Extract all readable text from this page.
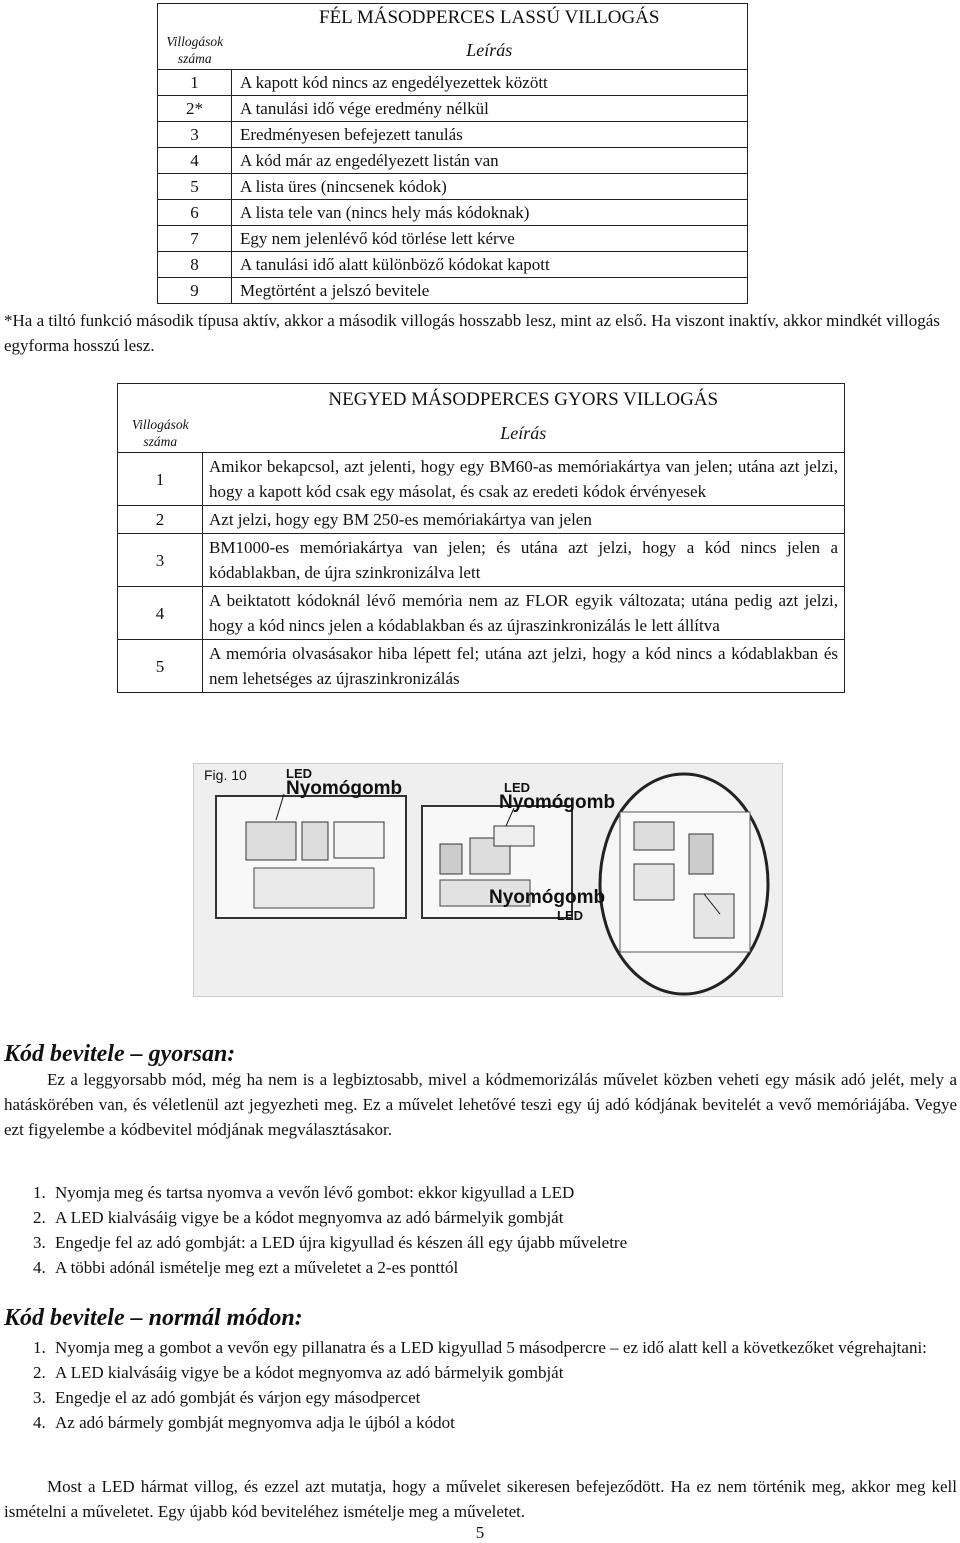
	FÉL MÁSODPERCES LASSÚ VILLOGÁS
Villogások száma	Leírás
1	A kapott kód nincs az engedélyezettek között
2*	A tanulási idő vége eredmény nélkül
3	Eredményesen befejezett tanulás
4	A kód már az engedélyezett listán van
5	A lista üres (nincsenek kódok)
6	A lista tele van (nincs hely más kódoknak)
7	Egy nem jelenlévő kód törlése lett kérve
8	A tanulási idő alatt különböző kódokat kapott
9	Megtörtént a jelszó bevitele
*Ha a tiltó funkció második típusa aktív, akkor a második villogás hosszabb lesz, mint az első. Ha viszont inaktív, akkor mindkét villogás egyforma hosszú lesz.
	NEGYED MÁSODPERCES GYORS VILLOGÁS
Villogások száma	Leírás
1	Amikor bekapcsol, azt jelenti, hogy egy BM60-as memóriakártya van jelen; utána azt jelzi, hogy a kapott kód csak egy másolat, és csak az eredeti kódok érvényesek
2	Azt jelzi, hogy egy BM 250-es memóriakártya van jelen
3	BM1000-es memóriakártya van jelen; és utána azt jelzi, hogy a kód nincs jelen a kódablakban, de újra szinkronizálva lett
4	A beiktatott kódoknál lévő memória nem az FLOR egyik változata; utána pedig azt jelzi, hogy a kód nincs jelen a kódablakban és az újraszinkronizálás le lett állítva
5	A memória olvasásakor hiba lépett fel; utána azt jelzi, hogy a kód nincs a kódablakban és nem lehetséges az újraszinkronizálás
Fig. 10	LED
Nyomógomb	LED
Nyomógomb
Nyomógomb
LED
Kód bevitele – gyorsan:
Ez a leggyorsabb mód, még ha nem is a legbiztosabb, mivel a kódmemorizálás művelet közben veheti egy másik adó jelét, mely a hatáskörében van, és véletlenül azt jegyezheti meg. Ez a művelet lehetővé teszi egy új adó kódjának bevitelét a vevő memóriájába. Vegye ezt figyelembe a kódbevitel módjának megválasztásakor.
1. Nyomja meg és tartsa nyomva a vevőn lévő gombot: ekkor kigyullad a LED
2. A LED kialvásáig vigye be a kódot megnyomva az adó bármelyik gombját
3. Engedje fel az adó gombját: a LED újra kigyullad és készen áll egy újabb műveletre
4. A többi adónál ismételje meg ezt a műveletet a 2-es ponttól
Kód bevitele – normál módon:
1. Nyomja meg a gombot a vevőn egy pillanatra és a LED kigyullad 5 másodpercre – ez idő alatt kell a következőket végrehajtani:
2. A LED kialvásáig vigye be a kódot megnyomva az adó bármelyik gombját
3. Engedje el az adó gombját és várjon egy másodpercet
4. Az adó bármely gombját megnyomva adja le újból a kódot
Most a LED hármat villog, és ezzel azt mutatja, hogy a művelet sikeresen befejeződött. Ha ez nem történik meg, akkor meg kell ismételni a műveletet. Egy újabb kód beviteléhez ismételje meg a műveletet.
5
